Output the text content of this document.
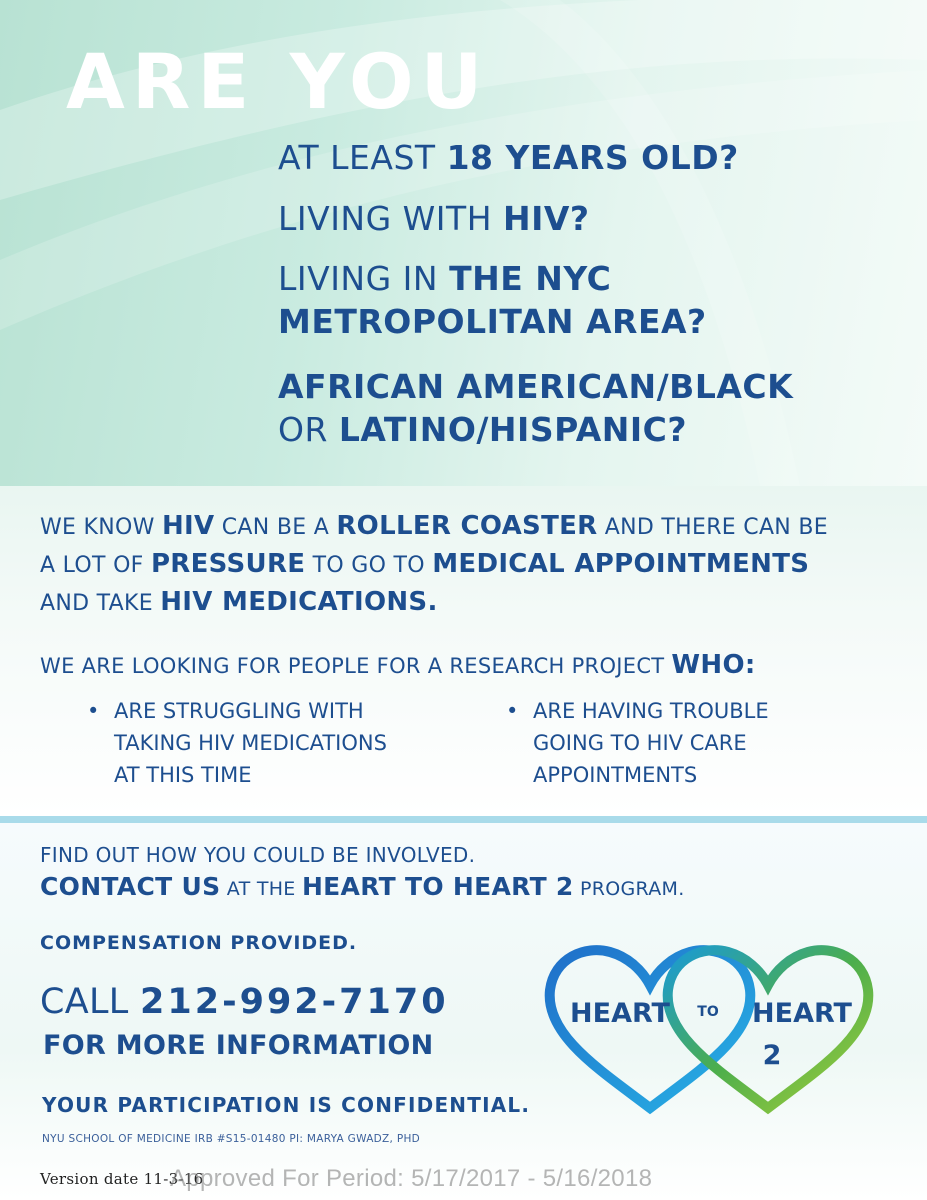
ARE YOU
AT LEAST 18 YEARS OLD?
LIVING WITH HIV?
LIVING IN THE NYC
METROPOLITAN AREA?
AFRICAN AMERICAN/BLACK
OR LATINO/HISPANIC?
WE KNOW HIV CAN BE A ROLLER COASTER AND THERE CAN BE
A LOT OF PRESSURE TO GO TO MEDICAL APPOINTMENTS
AND TAKE HIV MEDICATIONS.
WE ARE LOOKING FOR PEOPLE FOR A RESEARCH PROJECT WHO:
• ARE STRUGGLING WITH
TAKING HIV MEDICATIONS
AT THIS TIME
• ARE HAVING TROUBLE
GOING TO HIV CARE
APPOINTMENTS
FIND OUT HOW YOU COULD BE INVOLVED.
CONTACT US AT THE HEART TO HEART 2 PROGRAM.
COMPENSATION PROVIDED.
CALL 212-992-7170
FOR MORE INFORMATION
YOUR PARTICIPATION IS CONFIDENTIAL.
NYU SCHOOL OF MEDICINE IRB #S15-01480 PI: MARYA GWADZ, PHD
HEART TO HEART
2
Version date 11-3-16
Approved For Period: 5/17/2017 - 5/16/2018
